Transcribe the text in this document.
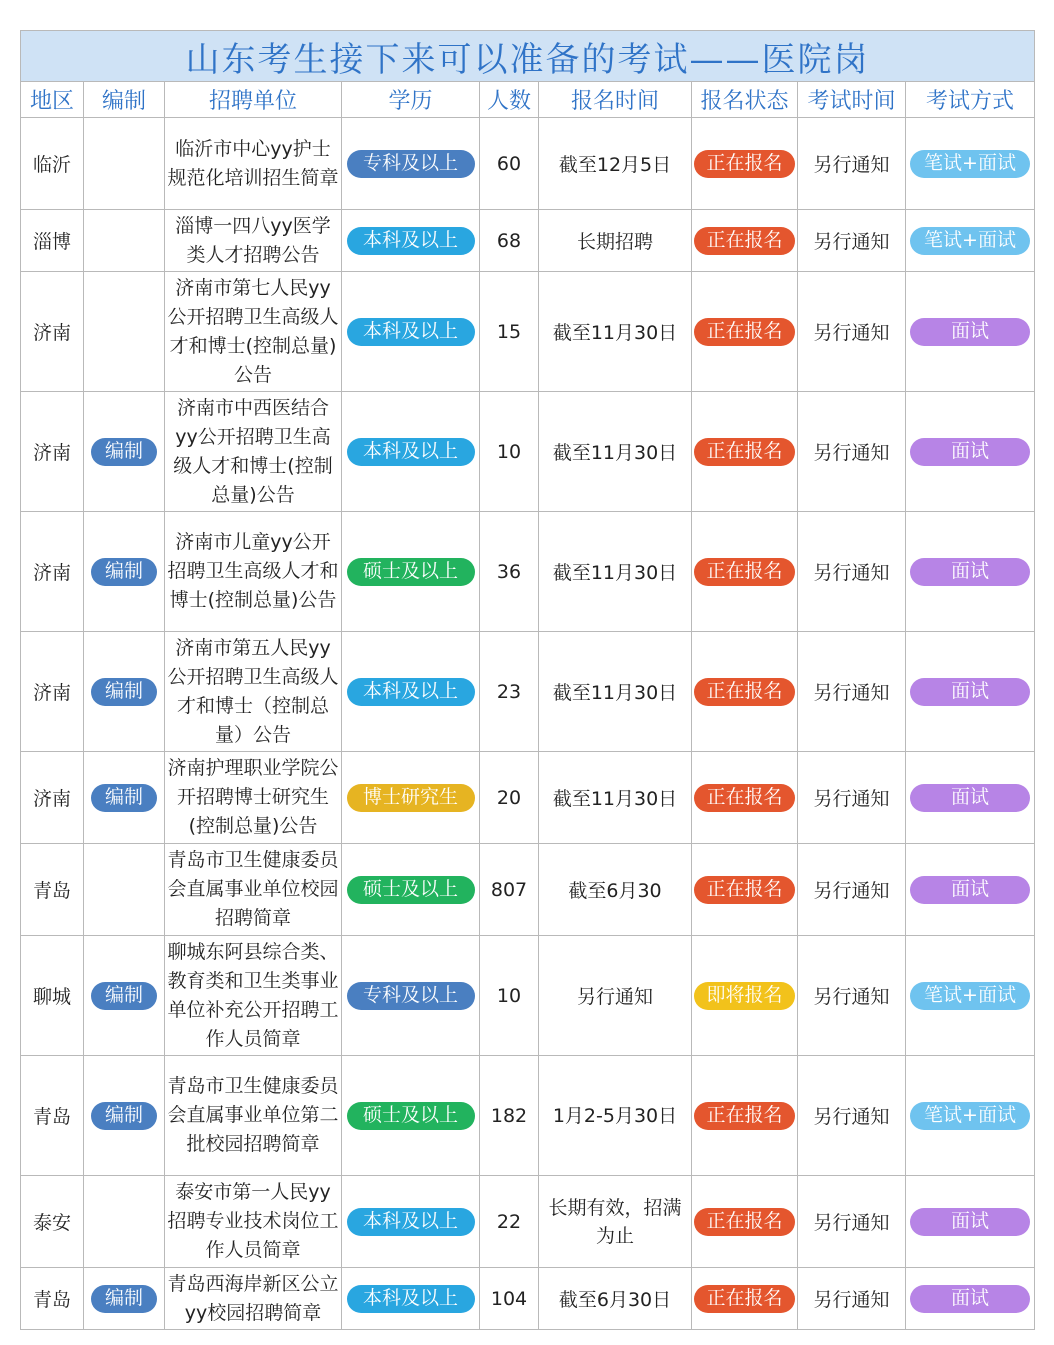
山东考生接下来可以准备的考试——医院岗								
地区	编制	招聘单位	学历	人数	报名时间	报名状态	考试时间	考试方式
临沂		临沂市中心yy护士规范化培训招生简章	专科及以上	60	截至12月5日	正在报名	另行通知	笔试+面试
淄博		淄博一四八yy医学类人才招聘公告	本科及以上	68	长期招聘	正在报名	另行通知	笔试+面试
济南		济南市第七人民yy公开招聘卫生高级人才和博士(控制总量)公告	本科及以上	15	截至11月30日	正在报名	另行通知	面试
济南	编制	济南市中西医结合yy公开招聘卫生高级人才和博士(控制总量)公告	本科及以上	10	截至11月30日	正在报名	另行通知	面试
济南	编制	济南市儿童yy公开招聘卫生高级人才和博士(控制总量)公告	硕士及以上	36	截至11月30日	正在报名	另行通知	面试
济南	编制	济南市第五人民yy公开招聘卫生高级人才和博士（控制总量）公告	本科及以上	23	截至11月30日	正在报名	另行通知	面试
济南	编制	济南护理职业学院公开招聘博士研究生(控制总量)公告	博士研究生	20	截至11月30日	正在报名	另行通知	面试
青岛		青岛市卫生健康委员会直属事业单位校园招聘简章	硕士及以上	807	截至6月30	正在报名	另行通知	面试
聊城	编制	聊城东阿县综合类、教育类和卫生类事业单位补充公开招聘工作人员简章	专科及以上	10	另行通知	即将报名	另行通知	笔试+面试
青岛	编制	青岛市卫生健康委员会直属事业单位第二批校园招聘简章	硕士及以上	182	1月2-5月30日	正在报名	另行通知	笔试+面试
泰安		泰安市第一人民yy招聘专业技术岗位工作人员简章	本科及以上	22	长期有效，招满为止	正在报名	另行通知	面试
青岛	编制	青岛西海岸新区公立yy校园招聘简章	本科及以上	104	截至6月30日	正在报名	另行通知	面试
